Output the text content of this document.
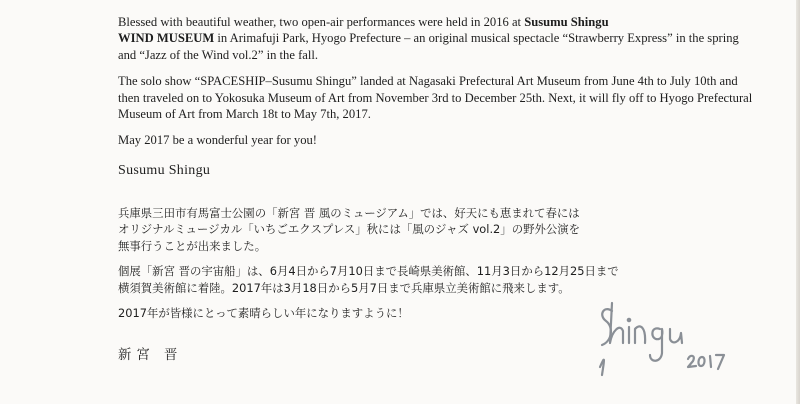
Blessed with beautiful weather, two open-air performances were held in 2016 at Susumu Shingu
WIND MUSEUM in Arimafuji Park, Hyogo Prefecture – an original musical spectacle “Strawberry Express” in the spring and “Jazz of the Wind vol.2” in the fall.

The solo show “SPACESHIP–Susumu Shingu” landed at Nagasaki Prefectural Art Museum from June 4th to July 10th and then traveled on to Yokosuka Museum of Art from November 3rd to December 25th. Next, it will fly off to Hyogo Prefectural Museum of Art from March 18t to May 7th, 2017.

May 2017 be a wonderful year for you!

Susumu Shingu

兵庫県三田市有馬富士公園の「新宮 晋 風のミュージアム」では、好天にも恵まれて春には
オリジナルミュージカル「いちごエクスプレス」秋には「風のジャズ vol.2」の野外公演を
無事行うことが出来ました。

個展「新宮 晋の宇宙船」は、6月4日から7月10日まで長崎県美術館、11月3日から12月25日まで
横須賀美術館に着陸。2017年は3月18日から5月7日まで兵庫県立美術館に飛来します。

2017年が皆様にとって素晴らしい年になりますように！

新宮 晋
